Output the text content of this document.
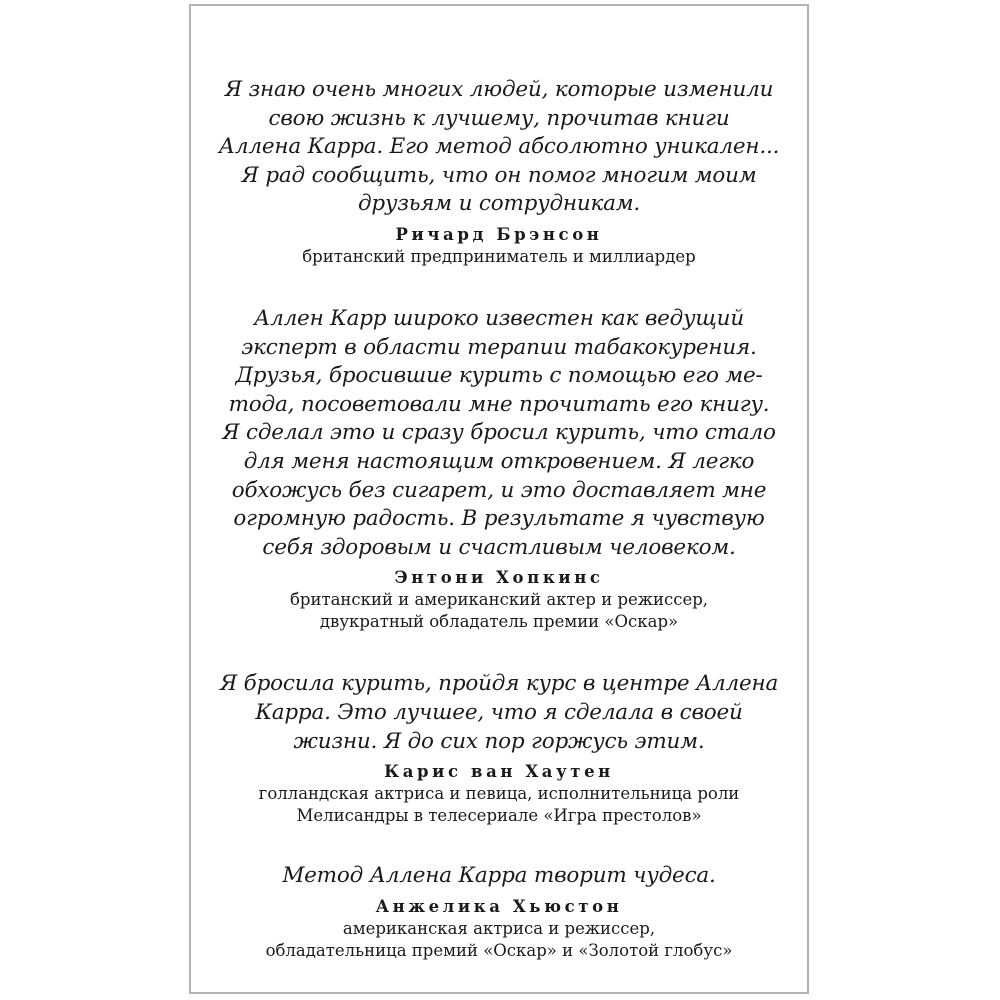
Я знаю очень многих людей, которые изменили
свою жизнь к лучшему, прочитав книги
Аллена Карра. Его метод абсолютно уникален...
Я рад сообщить, что он помог многим моим
друзьям и сотрудникам.
Ричард Брэнсон
британский предприниматель и миллиардер
Аллен Карр широко известен как ведущий
эксперт в области терапии табакокурения.
Друзья, бросившие курить с помощью его ме-
тода, посоветовали мне прочитать его книгу.
Я сделал это и сразу бросил курить, что стало
для меня настоящим откровением. Я легко
обхожусь без сигарет, и это доставляет мне
огромную радость. В результате я чувствую
себя здоровым и счастливым человеком.
Энтони Хопкинс
британский и американский актер и режиссер,
двукратный обладатель премии «Оскар»
Я бросила курить, пройдя курс в центре Аллена
Карра. Это лучшее, что я сделала в своей
жизни. Я до сих пор горжусь этим.
Карис ван Хаутен
голландская актриса и певица, исполнительница роли
Мелисандры в телесериале «Игра престолов»
Метод Аллена Карра творит чудеса.
Анжелика Хьюстон
американская актриса и режиссер,
обладательница премий «Оскар» и «Золотой глобус»
